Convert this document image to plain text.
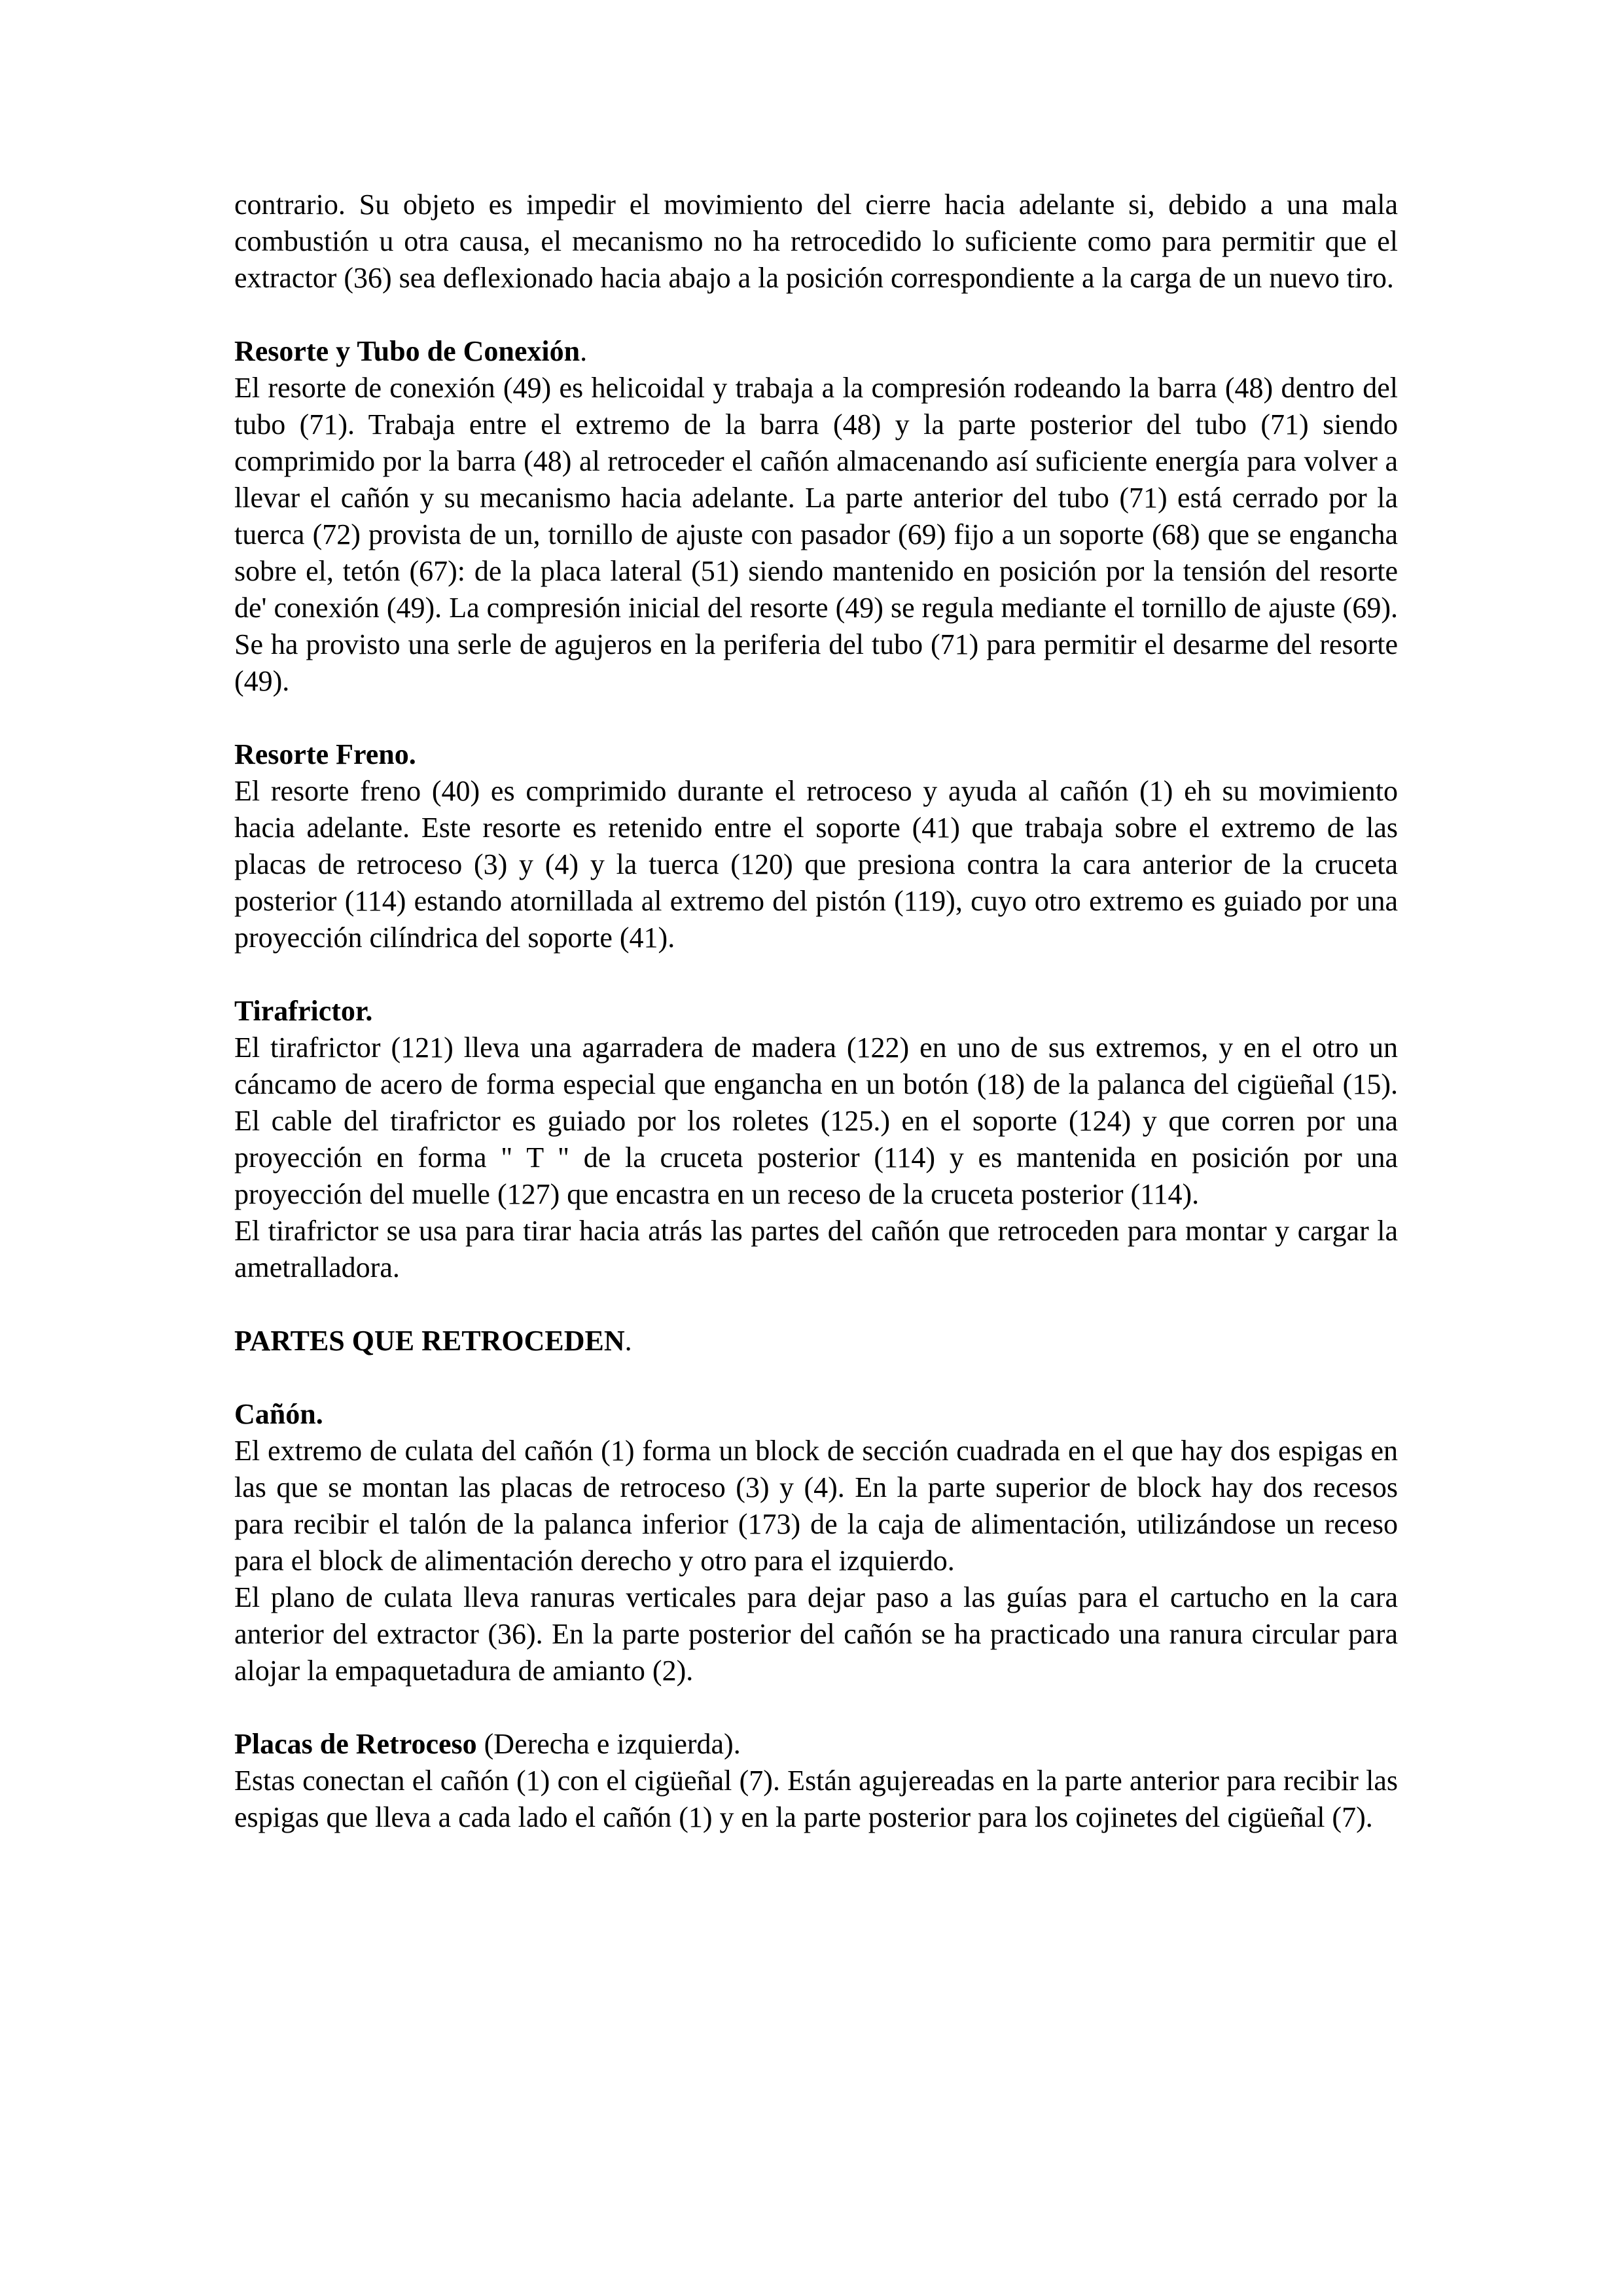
contrario. Su objeto es impedir el movimiento del cierre hacia adelante si, debido a una mala combustión u otra causa, el mecanismo no ha retrocedido lo suficiente como para permitir que el extractor (36) sea deflexionado hacia abajo a la posición correspondiente a la carga de un nuevo tiro.

Resorte y Tubo de Conexión.

El resorte de conexión (49) es helicoidal y trabaja a la compresión rodeando la barra (48) dentro del tubo (71). Trabaja entre el extremo de la barra (48) y la parte posterior del tubo (71) siendo comprimido por la barra (48) al retroceder el cañón almacenando así suficiente energía para volver a llevar el cañón y su mecanismo hacia adelante. La parte anterior del tubo (71) está cerrado por la tuerca (72) provista de un, tornillo de ajuste con pasador (69) fijo a un soporte (68) que se engancha sobre el, tetón (67): de la placa lateral (51) siendo mantenido en posición por la tensión del resorte de' conexión (49). La compresión inicial del resorte (49) se regula mediante el tornillo de ajuste (69). Se ha provisto una serle de agujeros en la periferia del tubo (71) para permitir el desarme del resorte (49).

Resorte Freno.

El resorte freno (40) es comprimido durante el retroceso y ayuda al cañón (1) eh su movimiento hacia adelante. Este resorte es retenido entre el soporte (41) que trabaja sobre el extremo de las placas de retroceso (3) y (4) y la tuerca (120) que presiona contra la cara anterior de la cruceta posterior (114) estando atornillada al extremo del pistón (119), cuyo otro extremo es guiado por una proyección cilíndrica del soporte (41).

Tirafrictor.

El tirafrictor (121) lleva una agarradera de madera (122) en uno de sus extremos, y en el otro un cáncamo de acero de forma especial que engancha en un botón (18) de la palanca del cigüeñal (15). El cable del tirafrictor es guiado por los roletes (125.) en el soporte (124) y que corren por una proyección en forma " T " de la cruceta posterior (114) y es mantenida en posición por una proyección del muelle (127) que encastra en un receso de la cruceta posterior (114).

El tirafrictor se usa para tirar hacia atrás las partes del cañón que retroceden para montar y cargar la ametralladora.

PARTES QUE RETROCEDEN.

Cañón.

El extremo de culata del cañón (1) forma un block de sección cuadrada en el que hay dos espigas en las que se montan las placas de retroceso (3) y (4). En la parte superior de block hay dos recesos para recibir el talón de la palanca inferior (173) de la caja de alimentación, utilizándose un receso para el block de alimentación derecho y otro para el izquierdo.

El plano de culata lleva ranuras verticales para dejar paso a las guías para el cartucho en la cara anterior del extractor (36). En la parte posterior del cañón se ha practicado una ranura circular para alojar la empaquetadura de amianto (2).

Placas de Retroceso (Derecha e izquierda).

Estas conectan el cañón (1) con el cigüeñal (7). Están agujereadas en la parte anterior para recibir las espigas que lleva a cada lado el cañón (1) y en la parte posterior para los cojinetes del cigüeñal (7).
